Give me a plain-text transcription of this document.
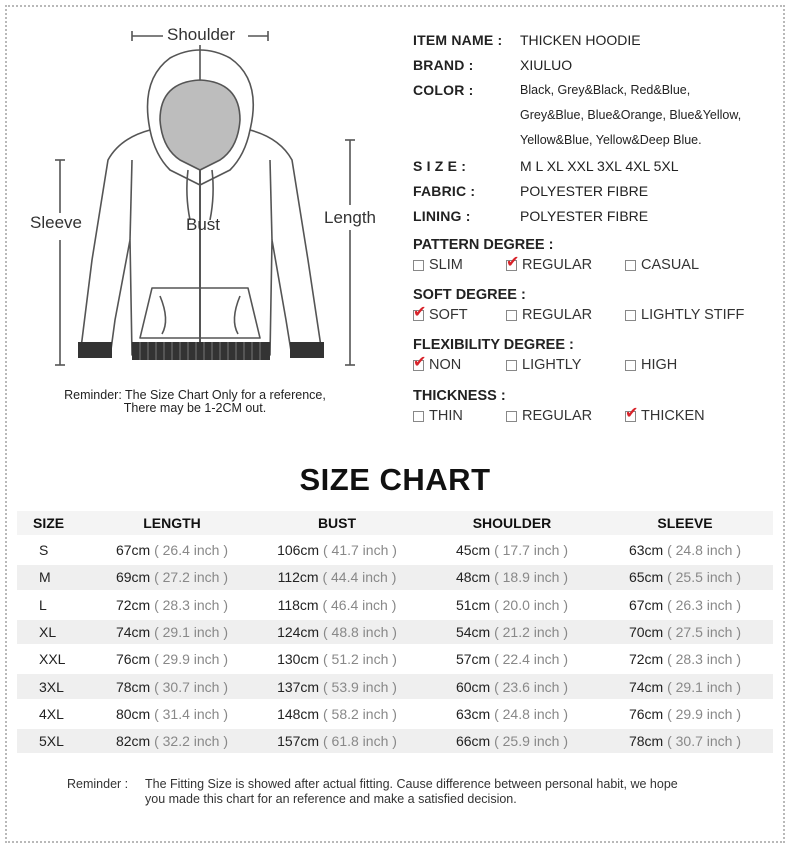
Shoulder
Sleeve	Bust	Length
Reminder: The Size Chart Only for a reference,
There may be 1-2CM out.
ITEM NAME : THICKEN HOODIE
BRAND :	XIULUO
COLOR :	Black, Grey&Black, Red&Blue,
Grey&Blue, Blue&Orange, Blue&Yellow,
Yellow&Blue, Yellow&Deep Blue.
S I Z E :	M L XL XXL 3XL 4XL 5XL
FABRIC :	POLYESTER FIBRE
LINING :	POLYESTER FIBRE
PATTERN DEGREE :
SLIM	✔ REGULAR	CASUAL
SOFT DEGREE :
✔ SOFT	REGULAR	LIGHTLY STIFF
FLEXIBILITY DEGREE :
✔ NON	LIGHTLY	HIGH
THICKNESS :
THIN	REGULAR ✔ THICKEN
SIZE CHART
SIZE	LENGTH	BUST	SHOULDER	SLEEVE
S	67cm ( 26.4 inch )	106cm ( 41.7 inch )	45cm ( 17.7 inch )	63cm ( 24.8 inch )
M	69cm ( 27.2 inch )	112cm ( 44.4 inch )	48cm ( 18.9 inch )	65cm ( 25.5 inch )
L	72cm ( 28.3 inch )	118cm ( 46.4 inch )	51cm ( 20.0 inch )	67cm ( 26.3 inch )
XL	74cm ( 29.1 inch )	124cm ( 48.8 inch )	54cm ( 21.2 inch )	70cm ( 27.5 inch )
XXL	76cm ( 29.9 inch )	130cm ( 51.2 inch )	57cm ( 22.4 inch )	72cm ( 28.3 inch )
3XL	78cm ( 30.7 inch )	137cm ( 53.9 inch )	60cm ( 23.6 inch )	74cm ( 29.1 inch )
4XL	80cm ( 31.4 inch )	148cm ( 58.2 inch )	63cm ( 24.8 inch )	76cm ( 29.9 inch )
5XL	82cm ( 32.2 inch )	157cm ( 61.8 inch )	66cm ( 25.9 inch )	78cm ( 30.7 inch )
Reminder : The Fitting Size is showed after actual fitting. Cause difference between personal habit, we hope
you made this chart for an reference and make a satisfied decision.
